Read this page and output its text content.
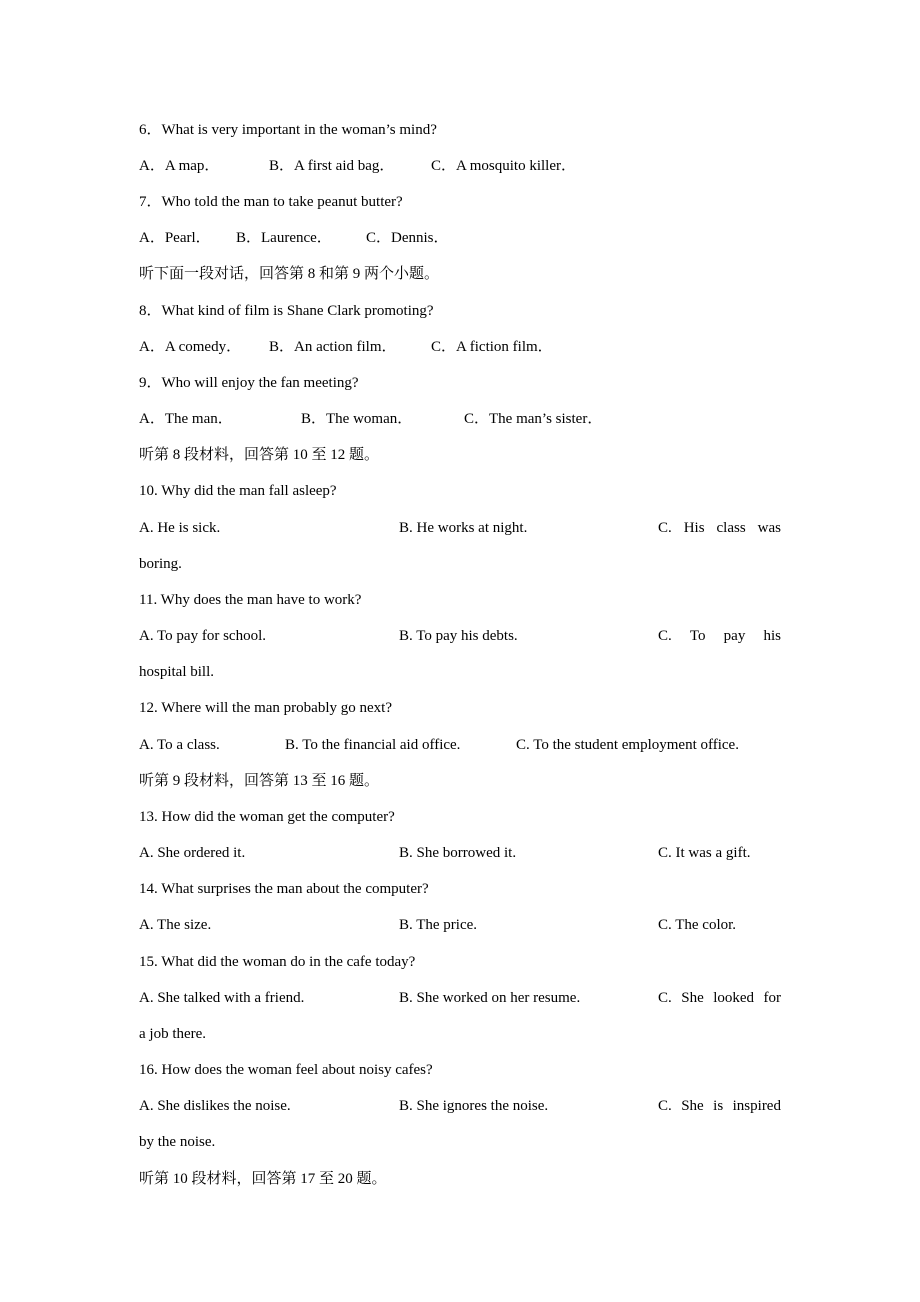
6．What is very important in the woman’s mind?
A．A map．	B．A first aid bag． C．A mosquito killer．
7．Who told the man to take peanut butter?
A．Pearl． B．Laurence． C．Dennis．
听下面一段对话，回答第 8 和第 9 两个小题。
8．What kind of film is Shane Clark promoting?
A．A comedy． B．An action film． C．A fiction film．
9．Who will enjoy the fan meeting?
A．The man．	B．The woman．	C．The man’s sister．
听第 8 段材料，回答第 10 至 12 题。
10. Why did the man fall asleep?
A. He is sick.	B. He works at night.	C. His class was
boring.
11. Why does the man have to work?
A. To pay for school.	B. To pay his debts.	C. To pay his
hospital bill.
12. Where will the man probably go next?
A. To a class.	B. To the financial aid office.	C. To the student employment office.
听第 9 段材料，回答第 13 至 16 题。
13. How did the woman get the computer?
A. She ordered it.	B. She borrowed it.	C. It was a gift.
14. What surprises the man about the computer?
A. The size.	B. The price.	C. The color.
15. What did the woman do in the cafe today?
A. She talked with a friend.	B. She worked on her resume.	C. She looked for
a job there.
16. How does the woman feel about noisy cafes?
A. She dislikes the noise.	B. She ignores the noise.	C. She is inspired
by the noise.
听第 10 段材料，回答第 17 至 20 题。
